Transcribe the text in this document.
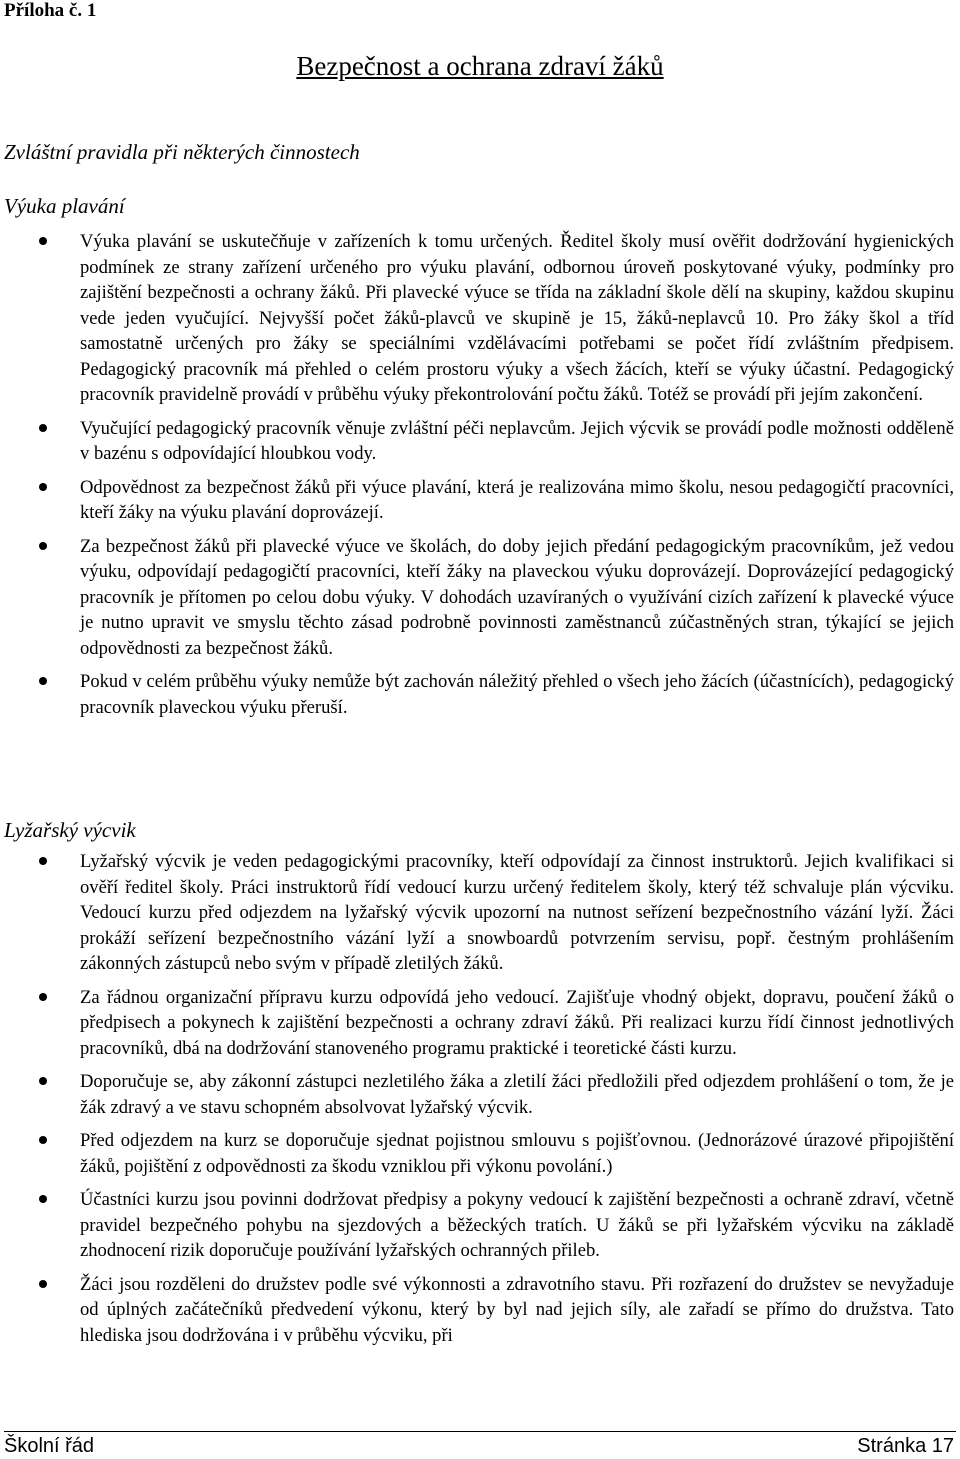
Příloha č. 1
Bezpečnost a ochrana zdraví žáků
Zvláštní pravidla při některých činnostech
Výuka plavání
Výuka plavání se uskutečňuje v zařízeních k tomu určených. Ředitel školy musí ověřit dodržování hygienických podmínek ze strany zařízení určeného pro výuku plavání, odbornou úroveň poskytované výuky, podmínky pro zajištění bezpečnosti a ochrany žáků. Při plavecké výuce se třída na základní škole dělí na skupiny, každou skupinu vede jeden vyučující. Nejvyšší počet žáků-plavců ve skupině je 15, žáků-neplavců 10. Pro žáky škol a tříd samostatně určených pro žáky se speciálními vzdělávacími potřebami se počet řídí zvláštním předpisem. Pedagogický pracovník má přehled o celém prostoru výuky a všech žácích, kteří se výuky účastní. Pedagogický pracovník pravidelně provádí v průběhu výuky překontrolování počtu žáků. Totéž se provádí při jejím zakončení.
Vyučující pedagogický pracovník věnuje zvláštní péči neplavcům. Jejich výcvik se provádí podle možnosti odděleně v bazénu s odpovídající hloubkou vody.
Odpovědnost za bezpečnost žáků při výuce plavání, která je realizována mimo školu, nesou pedagogičtí pracovníci, kteří žáky na výuku plavání doprovázejí.
Za bezpečnost žáků při plavecké výuce ve školách, do doby jejich předání pedagogickým pracovníkům, jež vedou výuku, odpovídají pedagogičtí pracovníci, kteří žáky na plaveckou výuku doprovázejí. Doprovázející pedagogický pracovník je přítomen po celou dobu výuky. V dohodách uzavíraných o využívání cizích zařízení k plavecké výuce je nutno upravit ve smyslu těchto zásad podrobně povinnosti zaměstnanců zúčastněných stran, týkající se jejich odpovědnosti za bezpečnost žáků.
Pokud v celém průběhu výuky nemůže být zachován náležitý přehled o všech jeho žácích (účastnících), pedagogický pracovník plaveckou výuku přeruší.
Lyžařský výcvik
Lyžařský výcvik je veden pedagogickými pracovníky, kteří odpovídají za činnost instruktorů. Jejich kvalifikaci si ověří ředitel školy. Práci instruktorů řídí vedoucí kurzu určený ředitelem školy, který též schvaluje plán výcviku. Vedoucí kurzu před odjezdem na lyžařský výcvik upozorní na nutnost seřízení bezpečnostního vázání lyží. Žáci prokáží seřízení bezpečnostního vázání lyží a snowboardů potvrzením servisu, popř. čestným prohlášením zákonných zástupců nebo svým v případě zletilých žáků.
Za řádnou organizační přípravu kurzu odpovídá jeho vedoucí. Zajišťuje vhodný objekt, dopravu, poučení žáků o předpisech a pokynech k zajištění bezpečnosti a ochrany zdraví žáků. Při realizaci kurzu řídí činnost jednotlivých pracovníků, dbá na dodržování stanoveného programu praktické i teoretické části kurzu.
Doporučuje se, aby zákonní zástupci nezletilého žáka a zletilí žáci předložili před odjezdem prohlášení o tom, že je žák zdravý a ve stavu schopném absolvovat lyžařský výcvik.
Před odjezdem na kurz se doporučuje sjednat pojistnou smlouvu s pojišťovnou. (Jednorázové úrazové připojištění žáků, pojištění z odpovědnosti za škodu vzniklou při výkonu povolání.)
Účastníci kurzu jsou povinni dodržovat předpisy a pokyny vedoucí k zajištění bezpečnosti a ochraně zdraví, včetně pravidel bezpečného pohybu na sjezdových a běžeckých tratích. U žáků se při lyžařském výcviku na základě zhodnocení rizik doporučuje používání lyžařských ochranných přileb.
Žáci jsou rozděleni do družstev podle své výkonnosti a zdravotního stavu. Při rozřazení do družstev se nevyžaduje od úplných začátečníků předvedení výkonu, který by byl nad jejich síly, ale zařadí se přímo do družstva. Tato hlediska jsou dodržována i v průběhu výcviku, při
Školní řád	Stránka 17
